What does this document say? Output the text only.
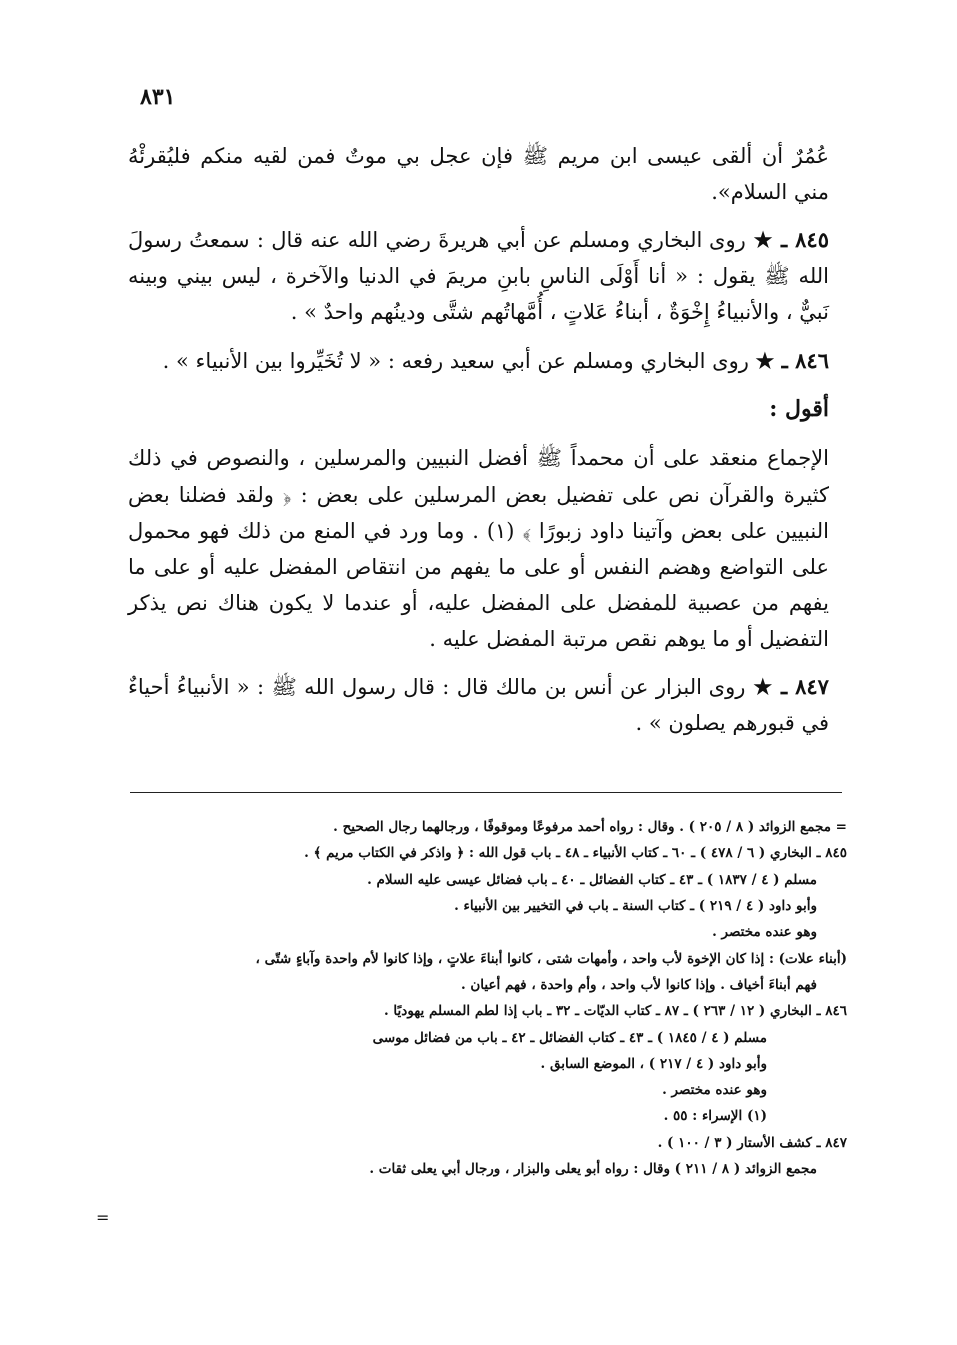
٨٣١

عُمُرٌ أن ألقى عيسى ابن مريم ﷺ فإن عجل بي موتٌ فمن لقيه منكم فليُقرئْهُ مني السلام».

٨٤٥ ـ ★ روى البخاري ومسلم عن أبي هريرةَ رضي الله عنه قال : سمعتُ رسولَ الله ﷺ يقول : « أنا أَوْلَى الناسِ بابنِ مريمَ في الدنيا والآخرة ، ليس بيني وبينه نَبيٌّ ، والأنبياءُ إِخْوَةٌ ، أبناءُ عَلاتٍ ، أُمَّهاتُهم شتَّى ودينُهم واحدٌ » .

٨٤٦ ـ ★ روى البخاري ومسلم عن أبي سعيد رفعه : « لا تُخَيِّروا بين الأنبياء » .

أقول :

الإجماع منعقد على أن محمداً ﷺ أفضل النبيين والمرسلين ، والنصوص في ذلك كثيرة والقرآن نص على تفضيل بعض المرسلين على بعض : ﴿ ولقد فضلنا بعض النبيين على بعض وآتينا داود زبورًا ﴾ (١) . وما ورد في المنع من ذلك فهو محمول على التواضع وهضم النفس أو على ما يفهم من انتقاص المفضل عليه أو على ما يفهم من عصبية للمفضل على المفضل عليه، أو عندما لا يكون هناك نص يذكر التفضيل أو ما يوهم نقص مرتبة المفضل عليه .

٨٤٧ ـ ★ روى البزار عن أنس بن مالك قال : قال رسول الله ﷺ : « الأنبياءُ أحياءٌ في قبورهم يصلون » .

= مجمع الزوائد ( ٨ / ٢٠٥ ) . وقال : رواه أحمد مرفوعًا وموقوفًا ، ورجالهما رجال الصحيح .

٨٤٥ ـ البخاري ( ٦ / ٤٧٨ ) ـ ٦٠ ـ كتاب الأنبياء ـ ٤٨ ـ باب قول الله : ﴿ واذكر في الكتاب مريم ﴾ .

مسلم ( ٤ / ١٨٣٧ ) ـ ٤٣ ـ كتاب الفضائل ـ ٤٠ ـ باب فضائل عيسى عليه السلام .

وأبو داود ( ٤ / ٢١٩ ) ـ كتاب السنة ـ باب في التخيير بين الأنبياء .

وهو عنده مختصر .

(أبناء علات) : إذا كان الإخوة لأب واحد ، وأمهات شتى ، كانوا أبناءَ علاتٍ ، وإذا كانوا لأم واحدة وآباءٍ شتّى ،

فهم أبناءَ أخياف . وإذا كانوا لأب واحد ، وأم واحدة ، فهم أعيان .

٨٤٦ ـ البخاري ( ١٢ / ٢٦٣ ) ـ ٨٧ ـ كتاب الديّات ـ ٣٢ ـ باب إذا لطم المسلم يهوديًا .

مسلم ( ٤ / ١٨٤٥ ) ـ ٤٣ ـ كتاب الفضائل ـ ٤٢ ـ باب من فضائل موسى

وأبو داود ( ٤ / ٢١٧ ) ، الموضع السابق .

وهو عنده مختصر .

(١) الإسراء : ٥٥ .

٨٤٧ ـ كشف الأستار ( ٣ / ١٠٠ ) .

مجمع الزوائد ( ٨ / ٢١١ ) وقال : رواه أبو يعلى والبزار ، ورجال أبي يعلى ثقات .

=
